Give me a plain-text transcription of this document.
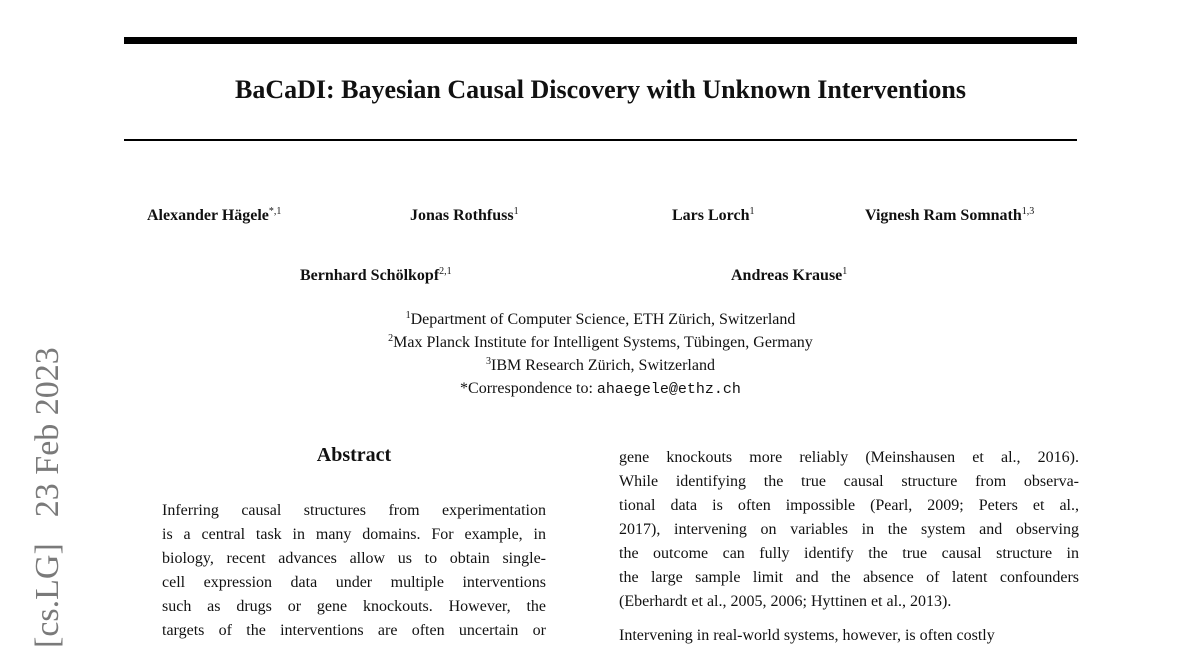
BaCaDI: Bayesian Causal Discovery with Unknown Interventions
Alexander Hägele$^{*,1}$	Jonas Rothfuss$^1$	Lars Lorch$^1$	Vignesh Ram Somnath$^{1,3}$
Bernhard Schölkopf$^{2,1}$	Andreas Krause$^1$
$^1$Department of Computer Science, ETH Zürich, Switzerland
$^2$Max Planck Institute for Intelligent Systems, Tübingen, Germany
$^3$IBM Research Zürich, Switzerland
*Correspondence to: ahaegele@ethz.ch
[cs.LG]23 Feb 2023	Abstract
Inferring causal structures from experimentation
is a central task in many domains. For example, in
biology, recent advances allow us to obtain single-
cell expression data under multiple interventions
such as drugs or gene knockouts. However, the
targets of the interventions are often uncertain or
gene knockouts more reliably (Meinshausen et al., 2016).
While identifying the true causal structure from observa-
tional data is often impossible (Pearl, 2009; Peters et al.,
2017), intervening on variables in the system and observing
the outcome can fully identify the true causal structure in
the large sample limit and the absence of latent confounders
(Eberhardt et al., 2005, 2006; Hyttinen et al., 2013).
Intervening in real-world systems, however, is often costly
